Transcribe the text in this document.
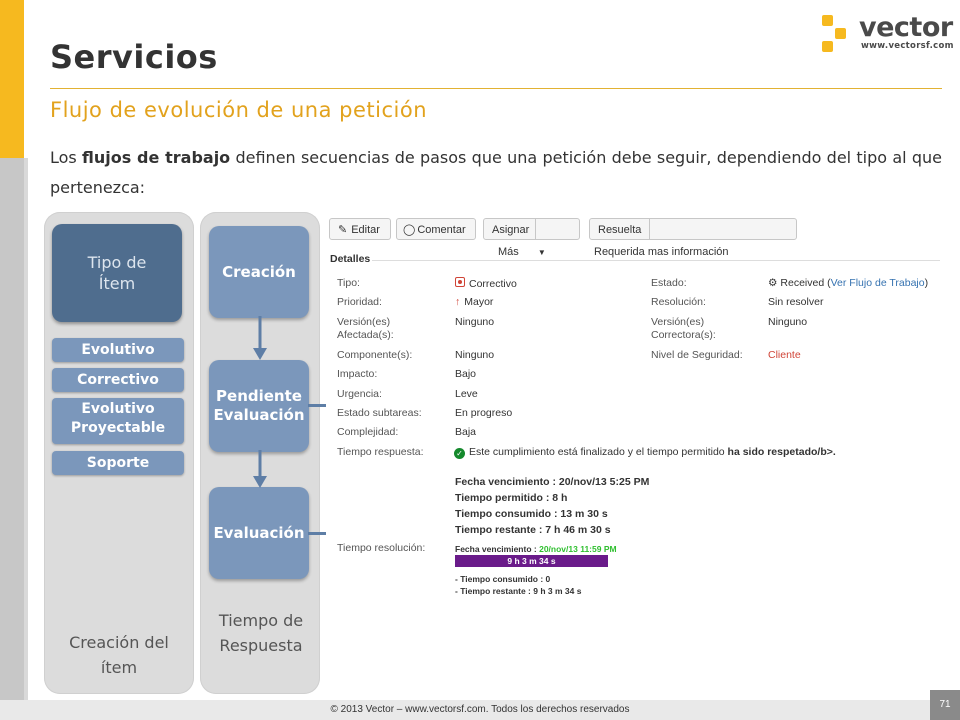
Servicios
vector
www.vectorsf.com
Flujo de evolución de una petición
Los flujos de trabajo definen secuencias de pasos que una petición debe seguir, dependiendo del tipo al que pertenezca:
Tipo de Ítem
Evolutivo
Correctivo
Evolutivo Proyectable
Soporte
Creación del ítem
Creación
Pendiente Evaluación
Evaluación
Tiempo de Respuesta
✎ Editar	◯ Comentar	Asignar
Más ▼
Resuelta
Requerida mas información
Detalles
Tipo:	Correctivo
Prioridad:	↑ Mayor
Versión(es) Afectada(s):
Ninguno
Componente(s):	Ninguno
Impacto:	Bajo
Urgencia:	Leve
Estado subtareas:	En progreso
Complejidad:	Baja
Estado:	⚙ Received (Ver Flujo de Trabajo)
Resolución:	Sin resolver
Versión(es) Correctora(s):
Ninguno
Nivel de Seguridad: Cliente
Tiempo respuesta:	✓ Este cumplimiento está finalizado y el tiempo permitido ha sido respetado/b>.
Fecha vencimiento : 20/nov/13 5:25 PM
Tiempo permitido : 8 h
Tiempo consumido : 13 m 30 s
Tiempo restante : 7 h 46 m 30 s
Tiempo resolución:	Fecha vencimiento : 20/nov/13 11:59 PM
9 h 3 m 34 s
- Tiempo consumido : 0
- Tiempo restante : 9 h 3 m 34 s
© 2013 Vector – www.vectorsf.com. Todos los derechos reservados	71
